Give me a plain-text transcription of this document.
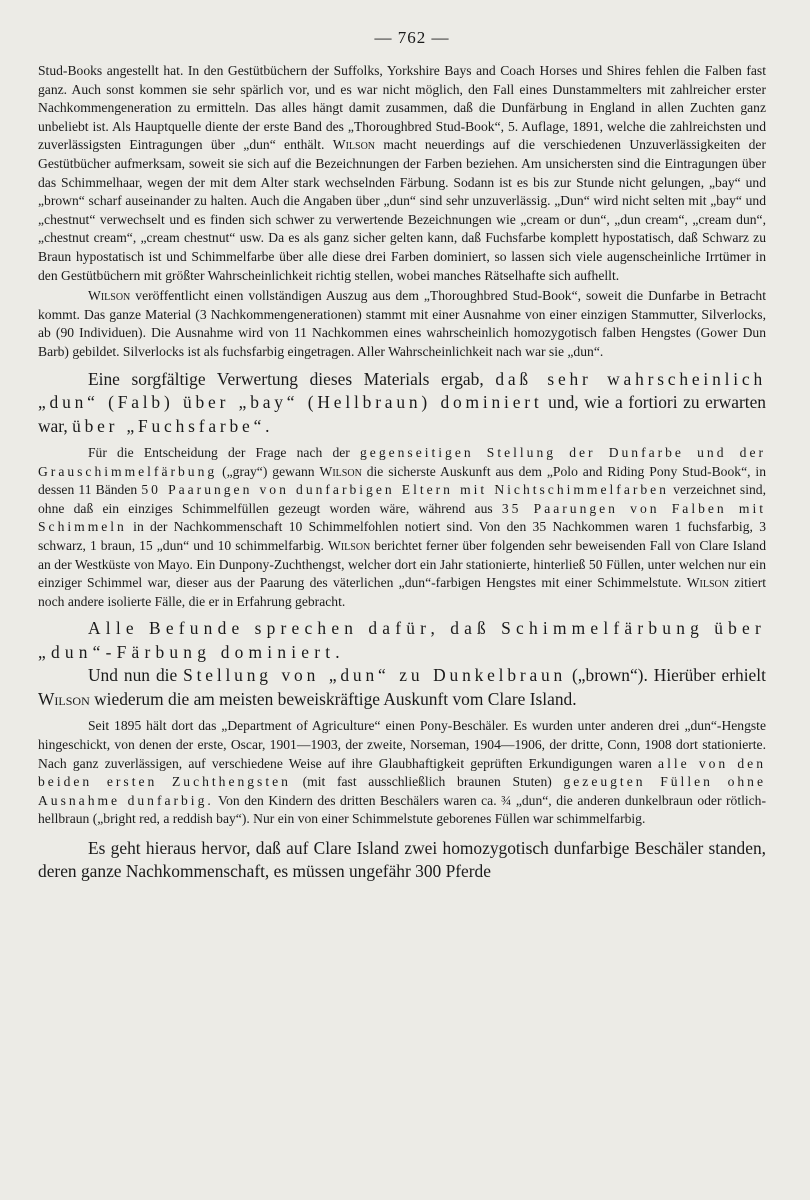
— 762 —

Stud-Books angestellt hat. In den Gestütbüchern der Suffolks, Yorkshire Bays and Coach Horses und Shires fehlen die Falben fast ganz. Auch sonst kommen sie sehr spärlich vor, und es war nicht möglich, den Fall eines Dunstammelters mit zahlreicher erster Nachkommengeneration zu ermitteln. Das alles hängt damit zusammen, daß die Dunfärbung in England in allen Zuchten ganz unbeliebt ist. Als Hauptquelle diente der erste Band des „Thoroughbred Stud-Book“, 5. Auflage, 1891, welche die zahlreichsten und zuverlässigsten Eintragungen über „dun“ enthält. Wilson macht neuerdings auf die verschiedenen Unzuverlässigkeiten der Gestütbücher aufmerksam, soweit sie sich auf die Bezeichnungen der Farben beziehen. Am unsichersten sind die Eintragungen über das Schimmelhaar, wegen der mit dem Alter stark wechselnden Färbung. Sodann ist es bis zur Stunde nicht gelungen, „bay“ und „brown“ scharf auseinander zu halten. Auch die Angaben über „dun“ sind sehr unzuverlässig. „Dun“ wird nicht selten mit „bay“ und „chestnut“ verwechselt und es finden sich schwer zu verwertende Bezeichnungen wie „cream or dun“, „dun cream“, „cream dun“, „chestnut cream“, „cream chestnut“ usw. Da es als ganz sicher gelten kann, daß Fuchsfarbe komplett hypostatisch, daß Schwarz zu Braun hypostatisch ist und Schimmelfarbe über alle diese drei Farben dominiert, so lassen sich viele augenscheinliche Irrtümer in den Gestütbüchern mit größter Wahrscheinlichkeit richtig stellen, wobei manches Rätselhafte sich aufhellt.

Wilson veröffentlicht einen vollständigen Auszug aus dem „Thoroughbred Stud-Book“, soweit die Dunfarbe in Betracht kommt. Das ganze Material (3 Nachkommengenerationen) stammt mit einer Ausnahme von einer einzigen Stammutter, Silverlocks, ab (90 Individuen). Die Ausnahme wird von 11 Nachkommen eines wahrscheinlich homozygotisch falben Hengstes (Gower Dun Barb) gebildet. Silverlocks ist als fuchsfarbig eingetragen. Aller Wahrscheinlichkeit nach war sie „dun“.

Eine sorgfältige Verwertung dieses Materials ergab, daß sehr wahrscheinlich „dun“ (Falb) über „bay“ (Hellbraun) dominiert und, wie a fortiori zu erwarten war, über „Fuchsfarbe“.

Für die Entscheidung der Frage nach der gegenseitigen Stellung der Dunfarbe und der Grauschimmelfärbung („gray“) gewann Wilson die sicherste Auskunft aus dem „Polo and Riding Pony Stud-Book“, in dessen 11 Bänden 50 Paarungen von dunfarbigen Eltern mit Nichtschimmelfarben verzeichnet sind, ohne daß ein einziges Schimmelfüllen gezeugt worden wäre, während aus 35 Paarungen von Falben mit Schimmeln in der Nachkommenschaft 10 Schimmelfohlen notiert sind. Von den 35 Nachkommen waren 1 fuchsfarbig, 3 schwarz, 1 braun, 15 „dun“ und 10 schimmelfarbig. Wilson berichtet ferner über folgenden sehr beweisenden Fall von Clare Island an der Westküste von Mayo. Ein Dunpony-Zuchthengst, welcher dort ein Jahr stationierte, hinterließ 50 Füllen, unter welchen nur ein einziger Schimmel war, dieser aus der Paarung des väterlichen „dun“-farbigen Hengstes mit einer Schimmelstute. Wilson zitiert noch andere isolierte Fälle, die er in Erfahrung gebracht.

Alle Befunde sprechen dafür, daß Schimmelfärbung über „dun“-Färbung dominiert.

Und nun die Stellung von „dun“ zu Dunkelbraun („brown“). Hierüber erhielt Wilson wiederum die am meisten beweiskräftige Auskunft vom Clare Island.

Seit 1895 hält dort das „Department of Agriculture“ einen Pony-Beschäler. Es wurden unter anderen drei „dun“-Hengste hingeschickt, von denen der erste, Oscar, 1901—1903, der zweite, Norseman, 1904—1906, der dritte, Conn, 1908 dort stationierte. Nach ganz zuverlässigen, auf verschiedene Weise auf ihre Glaubhaftigkeit geprüften Erkundigungen waren alle von den beiden ersten Zuchthengsten (mit fast ausschließlich braunen Stuten) gezeugten Füllen ohne Ausnahme dunfarbig. Von den Kindern des dritten Beschälers waren ca. ¾ „dun“, die anderen dunkelbraun oder rötlich-hellbraun („bright red, a reddish bay“). Nur ein von einer Schimmelstute geborenes Füllen war schimmelfarbig.

Es geht hieraus hervor, daß auf Clare Island zwei homozygotisch dunfarbige Beschäler standen, deren ganze Nachkommenschaft, es müssen ungefähr 300 Pferde
